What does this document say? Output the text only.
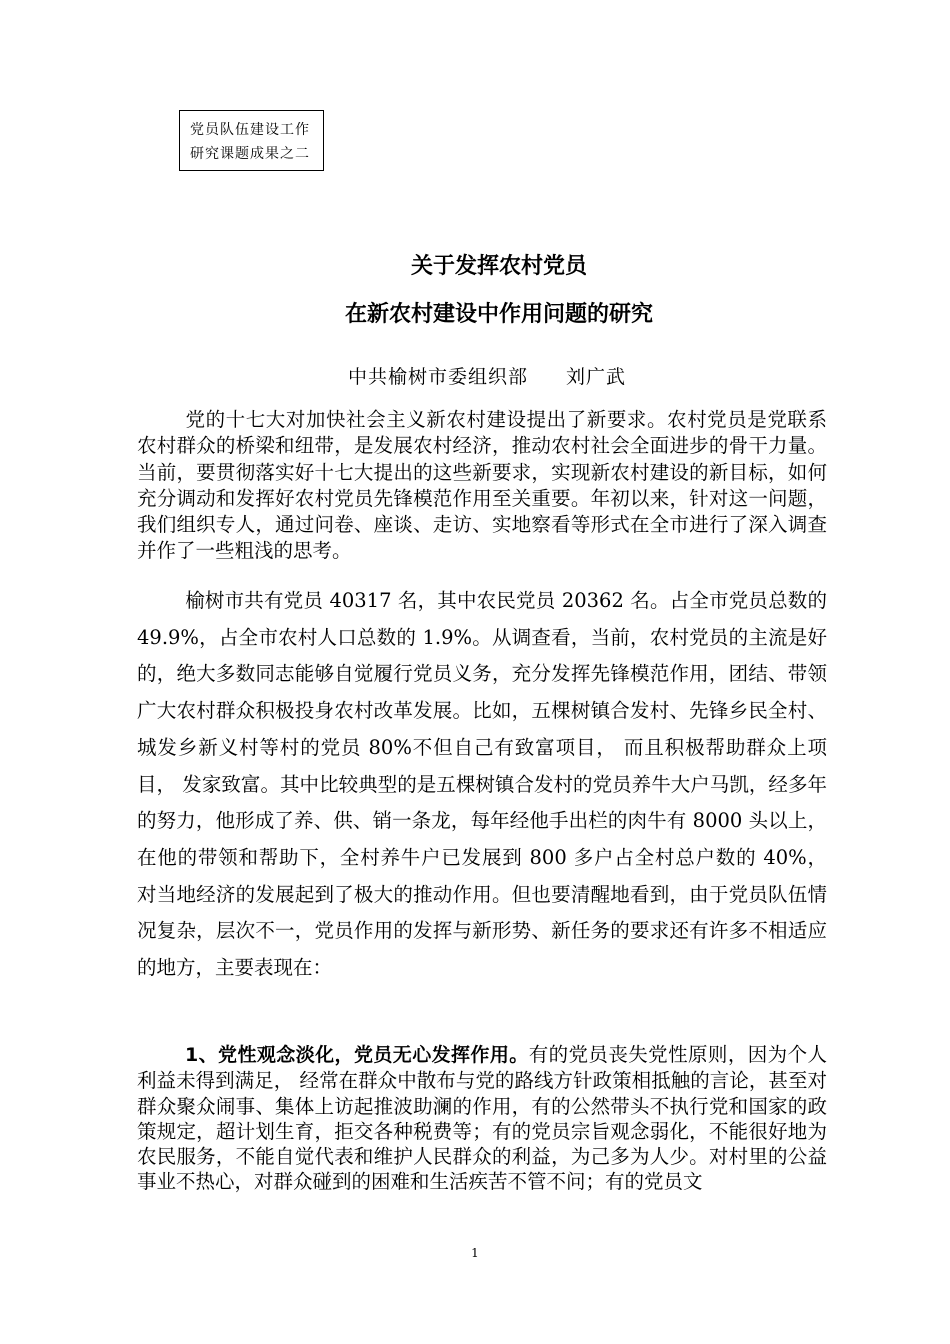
党员队伍建设工作
研究课题成果之二
关于发挥农村党员
在新农村建设中作用问题的研究
中共榆树市委组织部 刘广武

党的十七大对加快社会主义新农村建设提出了新要求。农村党员是党联系农村群众的桥梁和纽带，是发展农村经济，推动农村社会全面进步的骨干力量。当前，要贯彻落实好十七大提出的这些新要求，实现新农村建设的新目标，如何充分调动和发挥好农村党员先锋模范作用至关重要。年初以来，针对这一问题，我们组织专人，通过问卷、座谈、走访、实地察看等形式在全市进行了深入调查并作了一些粗浅的思考。

榆树市共有党员 40317 名，其中农民党员 20362 名。占全市党员总数的 49.9%，占全市农村人口总数的 1.9%。从调查看，当前，农村党员的主流是好的，绝大多数同志能够自觉履行党员义务，充分发挥先锋模范作用，团结、带领广大农村群众积极投身农村改革发展。比如，五棵树镇合发村、先锋乡民全村、城发乡新义村等村的党员 80%不但自己有致富项目， 而且积极帮助群众上项目， 发家致富。其中比较典型的是五棵树镇合发村的党员养牛大户马凯，经多年的努力，他形成了养、供、销一条龙，每年经他手出栏的肉牛有 8000 头以上，在他的带领和帮助下，全村养牛户已发展到 800 多户占全村总户数的 40%， 对当地经济的发展起到了极大的推动作用。但也要清醒地看到，由于党员队伍情况复杂，层次不一，党员作用的发挥与新形势、新任务的要求还有许多不相适应的地方，主要表现在：

1、党性观念淡化，党员无心发挥作用。有的党员丧失党性原则，因为个人利益未得到满足， 经常在群众中散布与党的路线方针政策相抵触的言论，甚至对群众聚众闹事、集体上访起推波助澜的作用，有的公然带头不执行党和国家的政策规定，超计划生育，拒交各种税费等；有的党员宗旨观念弱化，不能很好地为农民服务，不能自觉代表和维护人民群众的利益，为己多为人少。对村里的公益事业不热心，对群众碰到的困难和生活疾苦不管不问；有的党员文

1
